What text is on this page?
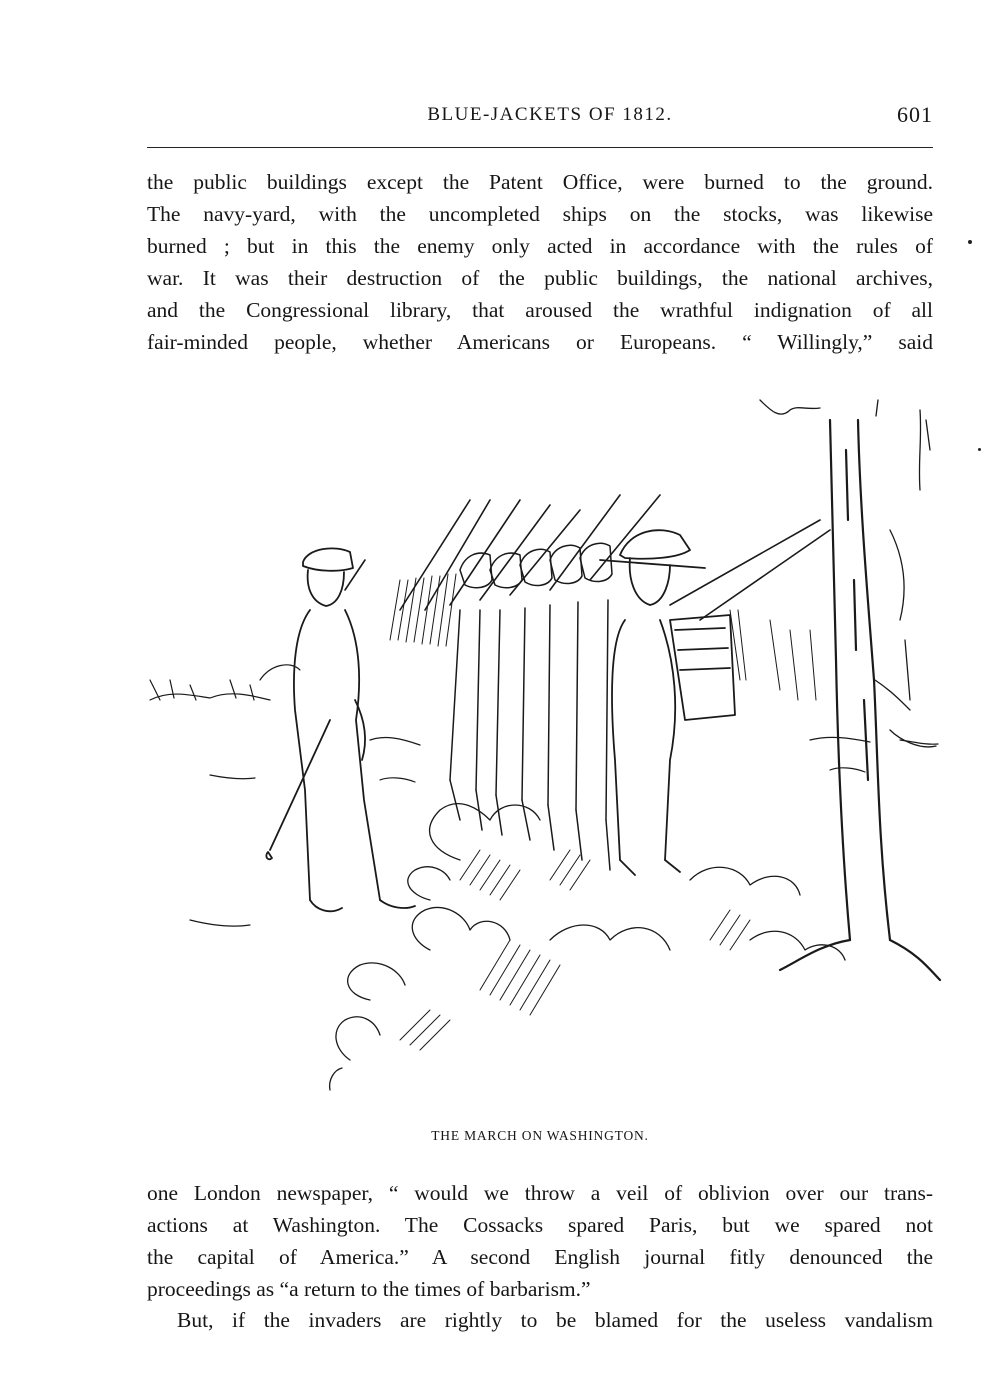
BLUE-JACKETS OF 1812.	601
the public buildings except the Patent Office, were burned to the ground.
The navy-yard, with the uncompleted ships on the stocks, was likewise
burned ; but in this the enemy only acted in accordance with the rules of
war. It was their destruction of the public buildings, the national archives,
and the Congressional library, that aroused the wrathful indignation of all
fair-minded people, whether Americans or Europeans. “ Willingly,” said
THE MARCH ON WASHINGTON.
one London newspaper, “ would we throw a veil of oblivion over our trans-
actions at Washington. The Cossacks spared Paris, but we spared not
the capital of America.” A second English journal fitly denounced the
proceedings as “a return to the times of barbarism.”
But, if the invaders are rightly to be blamed for the useless vandalism
